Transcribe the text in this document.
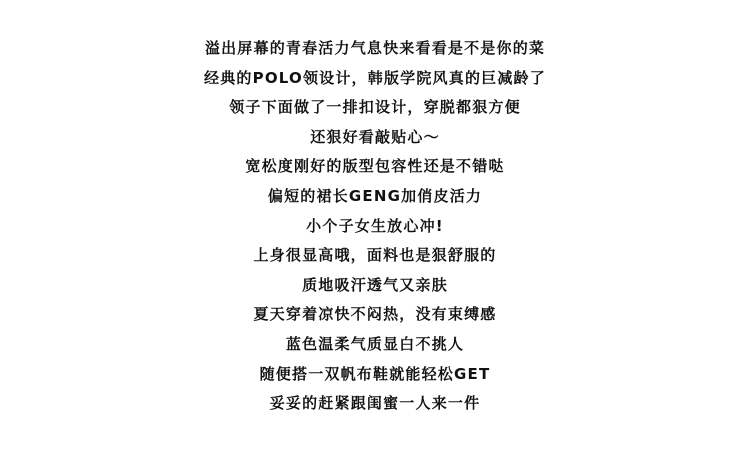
溢出屏幕的青春活力气息快来看看是不是你的菜
经典的POLO领设计，韩版学院风真的巨减龄了
领子下面做了一排扣设计，穿脱都狠方便
还狠好看敲贴心～
宽松度刚好的版型包容性还是不错哒
偏短的裙长GENG加俏皮活力
小个子女生放心冲!
上身很显高哦，面料也是狠舒服的
质地吸汗透气又亲肤
夏天穿着凉快不闷热，没有束缚感
蓝色温柔气质显白不挑人
随便搭一双帆布鞋就能轻松GET
妥妥的赶紧跟闺蜜一人来一件
